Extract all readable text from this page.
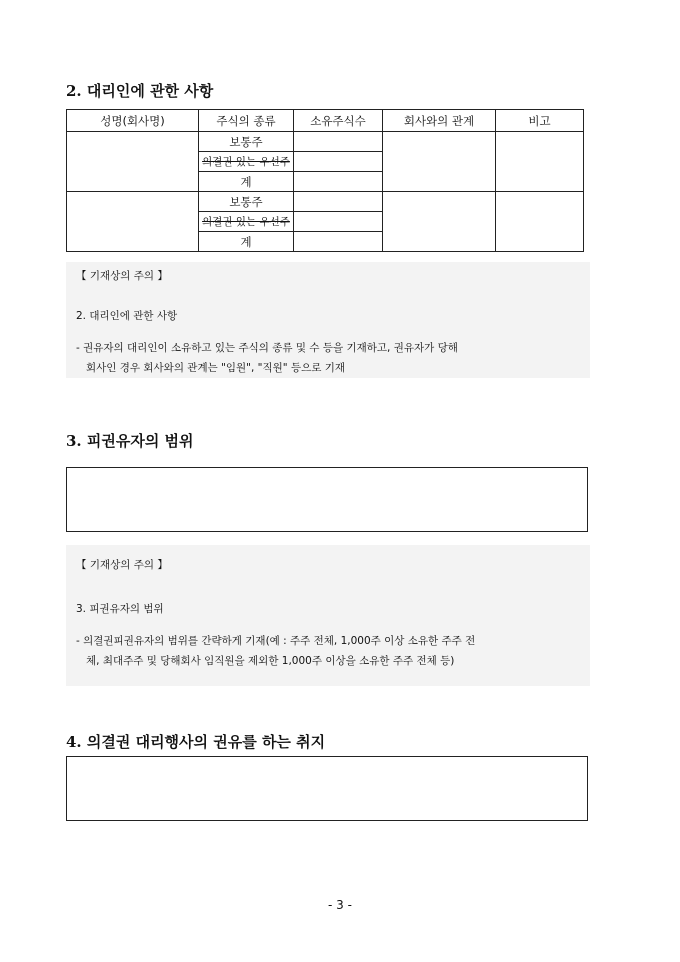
2. 대리인에 관한 사항
성명(회사명)	주식의 종류	소유주식수	회사와의 관계	비고
	보통주			
	의결권 있는 우선주			
	계			
	보통주			
	의결권 있는 우선주			
	계			

【 기재상의 주의 】

2. 대리인에 관한 사항

- 권유자의 대리인이 소유하고 있는 주식의 종류 및 수 등을 기재하고, 권유자가 당해

회사인 경우 회사와의 관계는 "임원", "직원" 등으로 기재

3. 피권유자의 범위

【 기재상의 주의 】

3. 피권유자의 범위

- 의결권피권유자의 범위를 간략하게 기재(예 : 주주 전체, 1,000주 이상 소유한 주주 전

체, 최대주주 및 당해회사 임직원을 제외한 1,000주 이상을 소유한 주주 전체 등)

4. 의결권 대리행사의 권유를 하는 취지
- 3 -
